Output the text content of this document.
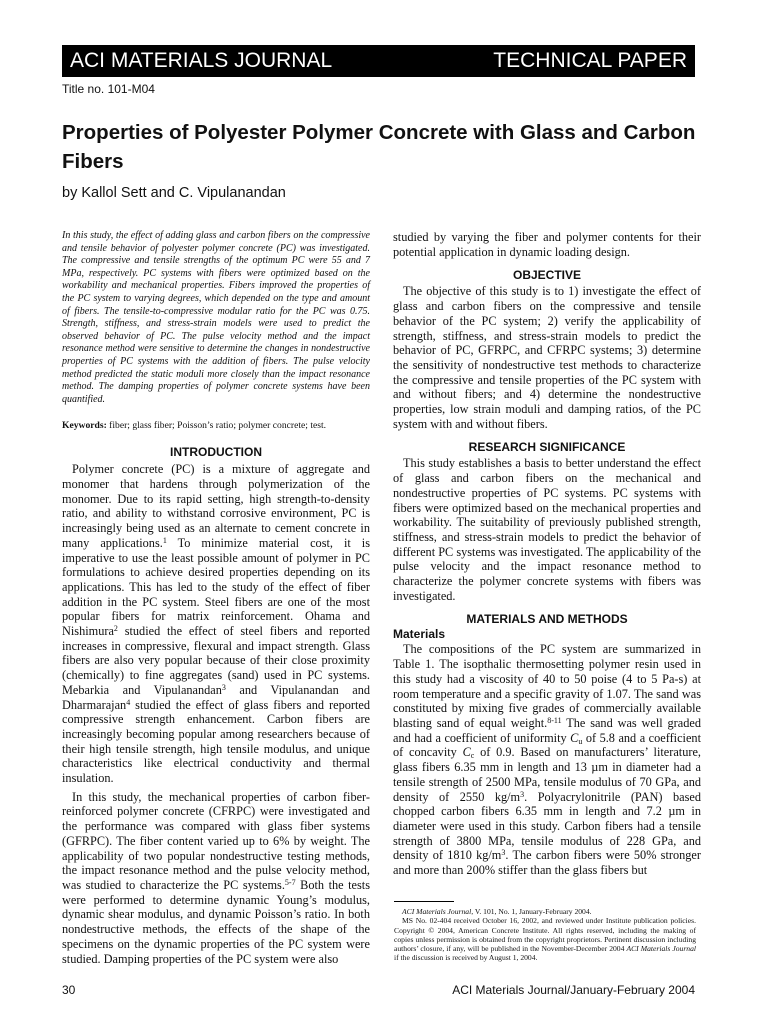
ACI MATERIALS JOURNAL	TECHNICAL PAPER
Title no. 101-M04
Properties of Polyester Polymer Concrete with Glass and Carbon Fibers
by Kallol Sett and C. Vipulanandan

In this study, the effect of adding glass and carbon fibers on the compressive and tensile behavior of polyester polymer concrete (PC) was investigated. The compressive and tensile strengths of the optimum PC were 55 and 7 MPa, respectively. PC systems with fibers were optimized based on the workability and mechanical properties. Fibers improved the properties of the PC system to varying degrees, which depended on the type and amount of fibers. The tensile-to-compressive modular ratio for the PC was 0.75. Strength, stiffness, and stress-strain models were used to predict the observed behavior of PC. The pulse velocity method and the impact resonance method were sensitive to determine the changes in nondestructive properties of PC systems with the addition of fibers. The pulse velocity method predicted the static moduli more closely than the impact resonance method. The damping properties of polymer concrete systems have been quantified.

Keywords: fiber; glass fiber; Poisson’s ratio; polymer concrete; test.

INTRODUCTION

Polymer concrete (PC) is a mixture of aggregate and monomer that hardens through polymerization of the monomer. Due to its rapid setting, high strength-to-density ratio, and ability to withstand corrosive environment, PC is increasingly being used as an alternate to cement concrete in many applications.$^1$ To minimize material cost, it is imperative to use the least possible amount of polymer in PC formulations to achieve desired properties depending on its applications. This has led to the study of the effect of fiber addition in the PC system. Steel fibers are one of the most popular fibers for matrix reinforcement. Ohama and Nishimura$^2$ studied the effect of steel fibers and reported increases in compressive, flexural and impact strength. Glass fibers are also very popular because of their close proximity (chemically) to fine aggregates (sand) used in PC systems. Mebarkia and Vipulanandan$^3$ and Vipulanandan and Dharmarajan$^4$ studied the effect of glass fibers and reported compressive strength enhancement. Carbon fibers are increasingly becoming popular among researchers because of their high tensile strength, high tensile modulus, and unique characteristics like electrical conductivity and thermal insulation.

In this study, the mechanical properties of carbon fiber-reinforced polymer concrete (CFRPC) were investigated and the performance was compared with glass fiber systems (GFRPC). The fiber content varied up to 6% by weight. The applicability of two popular nondestructive testing methods, the impact resonance method and the pulse velocity method, was studied to characterize the PC systems.$^{5-7}$ Both the tests were performed to determine dynamic Young’s modulus, dynamic shear modulus, and dynamic Poisson’s ratio. In both nondestructive methods, the effects of the shape of the specimens on the dynamic properties of the PC system were studied. Damping properties of the PC system were also

studied by varying the fiber and polymer contents for their potential application in dynamic loading design.

OBJECTIVE

The objective of this study is to 1) investigate the effect of glass and carbon fibers on the compressive and tensile behavior of the PC system; 2) verify the applicability of strength, stiffness, and stress-strain models to predict the behavior of PC, GFRPC, and CFRPC systems; 3) determine the sensitivity of nondestructive test methods to characterize the compressive and tensile properties of the PC system with and without fibers; and 4) determine the nondestructive properties, low strain moduli and damping ratios, of the PC system with and without fibers.

RESEARCH SIGNIFICANCE

This study establishes a basis to better understand the effect of glass and carbon fibers on the mechanical and nondestructive properties of PC systems. PC systems with fibers were optimized based on the mechanical properties and workability. The suitability of previously published strength, stiffness, and stress-strain models to predict the behavior of different PC systems was investigated. The applicability of the pulse velocity and the impact resonance method to characterize the polymer concrete systems with fibers was investigated.

MATERIALS AND METHODS
Materials

The compositions of the PC system are summarized in Table 1. The isopthalic thermosetting polymer resin used in this study had a viscosity of 40 to 50 poise (4 to 5 Pa-s) at room temperature and a specific gravity of 1.07. The sand was constituted by mixing five grades of commercially available blasting sand of equal weight.$^{8-11}$ The sand was well graded and had a coefficient of uniformity $C_u$ of 5.8 and a coefficient of concavity $C_c$ of 0.9. Based on manufacturers’ literature, glass fibers 6.35 mm in length and 13 µm in diameter had a tensile strength of 2500 MPa, tensile modulus of 70 GPa, and density of 2550 $kg/m^3$. Polyacrylonitrile (PAN) based chopped carbon fibers 6.35 mm in length and 7.2 µm in diameter were used in this study. Carbon fibers had a tensile strength of 3800 MPa, tensile modulus of 228 GPa, and density of 1810 $kg/m^3$. The carbon fibers were 50% stronger and more than 200% stiffer than the glass fibers but

ACI Materials Journal, V. 101, No. 1, January-February 2004.

MS No. 02-404 received October 16, 2002, and reviewed under Institute publication policies. Copyright © 2004, American Concrete Institute. All rights reserved, including the making of copies unless permission is obtained from the copyright proprietors. Pertinent discussion including authors’ closure, if any, will be published in the November-December 2004 ACI Materials Journal if the discussion is received by August 1, 2004.

30	ACI Materials Journal/January-February 2004
